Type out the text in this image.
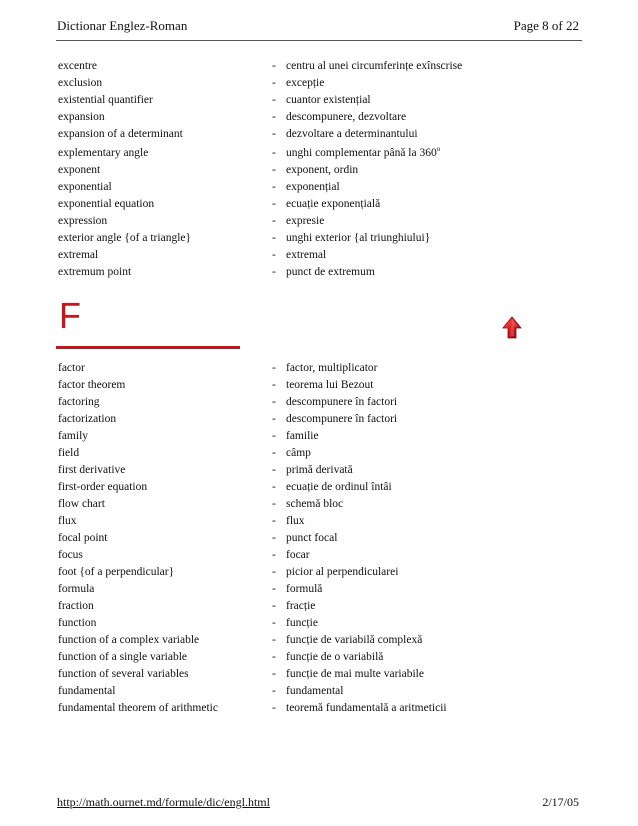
Dictionar Englez-Roman	Page 8 of 22
excentre	- centru al unei circumferințe exînscrise
exclusion	- excepție
existential quantifier	- cuantor existențial
expansion	- descompunere, dezvoltare
expansion of a determinant	- dezvoltare a determinantului
explementary angle	- unghi complementar până la 360$^o$
exponent	- exponent, ordin
exponential	- exponențial
exponential equation	- ecuație exponențială
expression	- expresie
exterior angle {of a triangle}	- unghi exterior {al triunghiului}
extremal	- extremal
extremum point	- punct de extremum
F
factor	- factor, multiplicator
factor theorem	- teorema lui Bezout
factoring	- descompunere în factori
factorization	- descompunere în factori
family	- familie
field	- câmp
first derivative	- primă derivată
first-order equation	- ecuație de ordinul întâi
flow chart	- schemă bloc
flux	- flux
focal point	- punct focal
focus	- focar
foot {of a perpendicular}	- picior al perpendicularei
formula	- formulă
fraction	- fracție
function	- funcție
function of a complex variable	- funcție de variabilă complexă
function of a single variable	- funcție de o variabilă
function of several variables	- funcție de mai multe variabile
fundamental	- fundamental
fundamental theorem of arithmetic	- teoremă fundamentală a aritmeticii
http://math.ournet.md/formule/dic/engl.html	2/17/05
